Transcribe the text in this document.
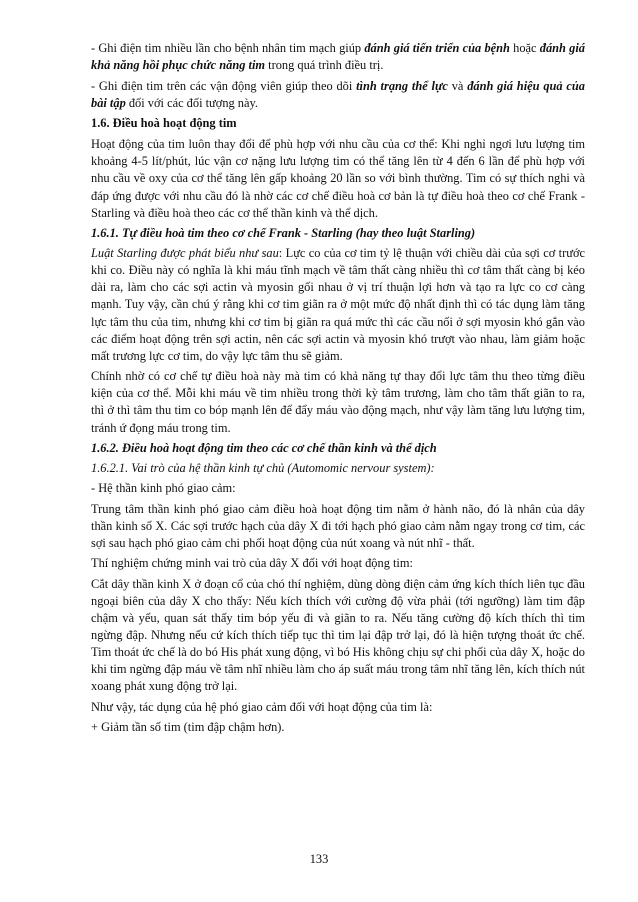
- Ghi điện tim nhiều lần cho bệnh nhân tim mạch giúp đánh giá tiến triển của bệnh hoặc đánh giá khả năng hồi phục chức năng tim trong quá trình điều trị.

- Ghi điện tim trên các vận động viên giúp theo dõi tình trạng thể lực và đánh giá hiệu quả của bài tập đối với các đối tượng này.

1.6. Điều hoà hoạt động tim

Hoạt động của tim luôn thay đổi để phù hợp với nhu cầu của cơ thể: Khi nghỉ ngơi lưu lượng tim khoảng 4-5 lít/phút, lúc vận cơ nặng lưu lượng tim có thể tăng lên từ 4 đến 6 lần để phù hợp với nhu cầu về oxy của cơ thể tăng lên gấp khoảng 20 lần so với bình thường. Tim có sự thích nghi và đáp ứng được với nhu cầu đó là nhờ các cơ chế điều hoà cơ bản là tự điều hoà theo cơ chế Frank - Starling và điều hoà theo các cơ thể thần kinh và thể dịch.

1.6.1. Tự điều hoà tim theo cơ chế Frank - Starling (hay theo luật Starling)

Luật Starling được phát biểu như sau: Lực co của cơ tim tỷ lệ thuận với chiều dài của sợi cơ trước khi co. Điều này có nghĩa là khi máu tĩnh mạch về tâm thất càng nhiều thì cơ tâm thất càng bị kéo dài ra, làm cho các sợi actin và myosin gối nhau ở vị trí thuận lợi hơn và tạo ra lực co cơ càng mạnh. Tuy vậy, cần chú ý rằng khi cơ tim giãn ra ở một mức độ nhất định thì có tác dụng làm tăng lực tâm thu của tim, nhưng khi cơ tim bị giãn ra quá mức thì các cầu nối ở sợi myosin khó gắn vào các điểm hoạt động trên sợi actin, nên các sợi actin và myosin khó trượt vào nhau, làm giảm hoặc mất trương lực cơ tim, do vậy lực tâm thu sẽ giảm.

Chính nhờ có cơ chế tự điều hoà này mà tim có khả năng tự thay đổi lực tâm thu theo từng điều kiện của cơ thể. Mỗi khi máu về tim nhiều trong thời kỳ tâm trương, làm cho tâm thất giãn to ra, thì ở thì tâm thu tim co bóp mạnh lên để đẩy máu vào động mạch, như vậy làm tăng lưu lượng tim, tránh ứ đọng máu trong tim.

1.6.2. Điều hoà hoạt động tim theo các cơ chế thần kinh và thể dịch

1.6.2.1. Vai trò của hệ thần kinh tự chủ (Automomic nervour system):

- Hệ thần kinh phó giao cảm:

Trung tâm thần kinh phó giao cảm điều hoà hoạt động tim nằm ở hành não, đó là nhân của dây thần kinh số X. Các sợi trước hạch của dây X đi tới hạch phó giao cảm nằm ngay trong cơ tim, các sợi sau hạch phó giao cảm chi phối hoạt động của nút xoang và nút nhĩ - thất.

Thí nghiệm chứng minh vai trò của dây X đối với hoạt động tim:

Cắt dây thần kinh X ở đoạn cổ của chó thí nghiệm, dùng dòng điện cảm ứng kích thích liên tục đầu ngoại biên của dây X cho thấy: Nếu kích thích với cường độ vừa phải (tới ngưỡng) làm tim đập chậm và yếu, quan sát thấy tim bóp yếu đi và giãn to ra. Nếu tăng cường độ kích thích thì tim ngừng đập. Nhưng nếu cứ kích thích tiếp tục thì tim lại đập trở lại, đó là hiện tượng thoát ức chế. Tim thoát ức chế là do bó His phát xung động, vì bó His không chịu sự chi phối của dây X, hoặc do khi tim ngừng đập máu về tâm nhĩ nhiều làm cho áp suất máu trong tâm nhĩ tăng lên, kích thích nút xoang phát xung động trở lại.

Như vậy, tác dụng của hệ phó giao cảm đối với hoạt động của tim là:

+ Giảm tần số tim (tim đập chậm hơn).

133
